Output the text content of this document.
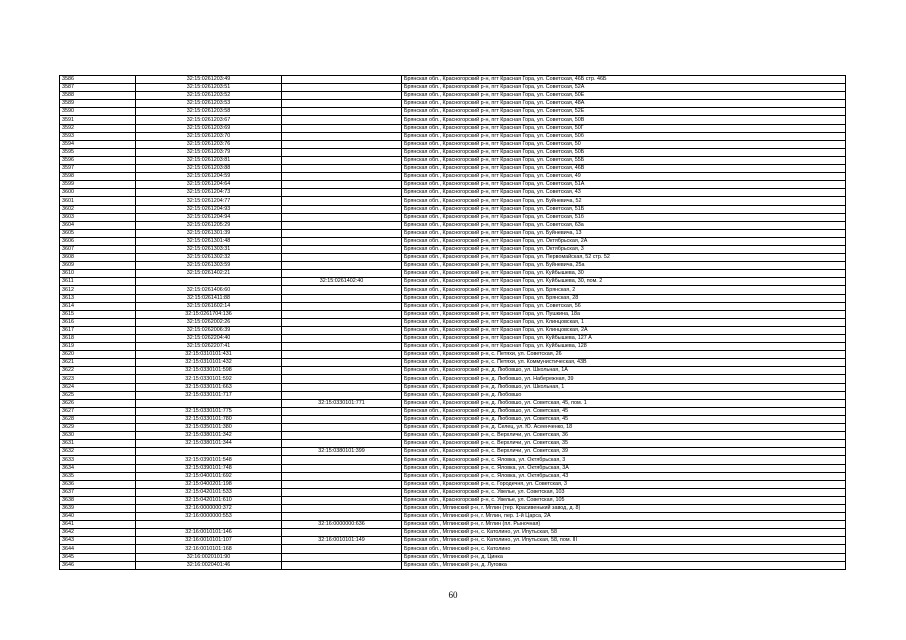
3586	32:15:0261203:49		Брянская обл., Красногорский р-н, пгт Красная Гора, ул. Советская, 46Б стр. 46Б
3587	32:15:0261203:51		Брянская обл., Красногорский р-н, пгт Красная Гора, ул. Советская, 52А
3588	32:15:0261203:52		Брянская обл., Красногорский р-н, пгт Красная Гора, ул. Советская, 50Е
3589	32:15:0261203:53		Брянская обл., Красногорский р-н, пгт Красная Гора, ул. Советская, 48А
3590	32:15:0261203:58		Брянская обл., Красногорский р-н, пгт Красная Гора, ул. Советская, 52Е
3591	32:15:0261203:67		Брянская обл., Красногорский р-н, пгт Красная Гора, ул. Советская, 50В
3592	32:15:0261203:69		Брянская обл., Красногорский р-н, пгт Красная Гора, ул. Советская, 50Г
3593	32:15:0261203:70		Брянская обл., Красногорский р-н, пгт Красная Гора, ул. Советская, 50б
3594	32:15:0261203:76		Брянская обл., Красногорский р-н, пгт Красная Гора, ул. Советская, 50
3595	32:15:0261203:79		Брянская обл., Красногорский р-н, пгт Красная Гора, ул. Советская, 50Б
3596	32:15:0261203:81		Брянская обл., Красногорский р-н, пгт Красная Гора, ул. Советская, 55Б
3597	32:15:0261203:88		Брянская обл., Красногорский р-н, пгт Красная Гора, ул. Советская, 46В
3598	32:15:0261204:59		Брянская обл., Красногорский р-н, пгт Красная Гора, ул. Советская, 49
3599	32:15:0261204:64		Брянская обл., Красногорский р-н, пгт Красная Гора, ул. Советская, 51А
3600	32:15:0261204:73		Брянская обл., Красногорский р-н, пгт Красная Гора, ул. Советская, 43
3601	32:15:0261204:77		Брянская обл., Красногорский р-н, пгт Красная Гора, ул. Буйневича, 52
3602	32:15:0261204:93		Брянская обл., Красногорский р-н, пгт Красная Гора, ул. Советская, 51Б
3603	32:15:0261204:94		Брянская обл., Красногорский р-н, пгт Красная Гора, ул. Советская, 51б
3604	32:15:0261205:29		Брянская обл., Красногорский р-н, пгт Красная Гора, ул. Советская, 63а
3605	32:15:0261301:39		Брянская обл., Красногорский р-н, пгт Красная Гора, ул. Буйневича, 13
3606	32:15:0261301:48		Брянская обл., Красногорский р-н, пгт Красная Гора, ул. Октябрьская, 2А
3607	32:15:0261303:31		Брянская обл., Красногорский р-н, пгт Красная Гора, ул. Октябрьская, 3
3608	32:15:0261302:32		Брянская обл., Красногорский р-н, пгт Красная Гора, ул. Первомайская, 52 стр. 52
3609	32:15:0261303:59		Брянская обл., Красногорский р-н, пгт Красная Гора, ул. Буйневича, 25а
3610	32:15:0261402:21		Брянская обл., Красногорский р-н, пгт Красная Гора, ул. Куйбышева, 30
3611		32:15:0261402:40	Брянская обл., Красногорский р-н, пгт Красная Гора, ул. Куйбышева, 30, пом. 2
3612	32:15:0261406:60		Брянская обл., Красногорский р-н, пгт Красная Гора, ул. Брянская, 2
3613	32:15:0261411:88		Брянская обл., Красногорский р-н, пгт Красная Гора, ул. Брянская, 28
3614	32:15:0261602:14		Брянская обл., Красногорский р-н, пгт Красная Гора, ул. Советская, 56
3615	32:15:0261704:136		Брянская обл., Красногорский р-н, пгт Красная Гора, ул. Пушкина, 18а
3616	32:15:0262002:26		Брянская обл., Красногорский р-н, пгт Красная Гора, ул. Клинцовская, 1
3617	32:15:0262006:39		Брянская обл., Красногорский р-н, пгт Красная Гора, ул. Клинцовская, 2А
3618	32:15:0262204:40		Брянская обл., Красногорский р-н, пгт Красная Гора, ул. Куйбышева, 127 А
3619	32:15:0262207:41		Брянская обл., Красногорский р-н, пгт Красная Гора, ул. Куйбышева, 128
3620	32:15:0310101:431		Брянская обл., Красногорский р-н, с. Петяхи, ул. Советская, 26
3621	32:15:0310101:432		Брянская обл., Красногорский р-н, с. Петяхи, ул. Коммунистическая, 43В
3622	32:15:0330101:598		Брянская обл., Красногорский р-н, д. Любовшо, ул. Школьная, 1А
3623	32:15:0330101:592		Брянская обл., Красногорский р-н, д. Любовшо, ул. Набережная, 39
3624	32:15:0330101:663		Брянская обл., Красногорский р-н, д. Любовшо, ул. Школьная, 1
3625	32:15:0330101:717		Брянская обл., Красногорский р-н, д. Любовшо
3626		32:15:0330101:771	Брянская обл., Красногорский р-н, д. Любовшо, ул. Советская, 45, пом. 1
3627	32:15:0330101:775		Брянская обл., Красногорский р-н, д. Любовшо, ул. Советская, 45
3628	32:15:0330101:780		Брянская обл., Красногорский р-н, д. Любовшо, ул. Советская, 45
3629	32:15:0350101:380		Брянская обл., Красногорский р-н, д. Селец, ул. Ю. Асеенченко, 18
3630	32:15:0380101:342		Брянская обл., Красногорский р-н, с. Верхличи, ул. Советская, 36
3631	32:15:0380101:344		Брянская обл., Красногорский р-н, с. Верхличи, ул. Советская, 35
3632		32:15:0380101:399	Брянская обл., Красногорский р-н, с. Верхличи, ул. Советская, 39
3633	32:15:0390101:548		Брянская обл., Красногорский р-н, с. Яловка, ул. Октябрьская, 3
3634	32:15:0390101:748		Брянская обл., Красногорский р-н, с. Яловка, ул. Октябрьская, 3А
3635	32:15:0400101:692		Брянская обл., Красногорский р-н, с. Яловка, ул. Октябрьская, 43
3636	32:15:0400201:198		Брянская обл., Красногорский р-н, с. Городечня, ул. Советская, 3
3637	32:15:0420101:533		Брянская обл., Красногорский р-н, с. Увелье, ул. Советская, 103
3638	32:15:0420101:610		Брянская обл., Красногорский р-н, с. Увелье, ул. Советская, 105
3639	32:16:0000000:372		Брянская обл., Мглинский р-н, г. Мглин (тер. Красивенький завод, д. 8)
3640	32:16:0000000:553		Брянская обл., Мглинский р-н, г. Мглин, пер. 1-й Царса, 2А
3641		32:16:0000000:636	Брянская обл., Мглинский р-н, г. Мглин (пл. Рыночная)
3642	32:16:0010101:146		Брянская обл., Мглинский р-н, с. Католино, ул. Ипутьская, 58
3643	32:16:0010101:107	32:16:0010101:149	Брянская обл., Мглинский р-н, с. Католино, ул. Ипутьская, 58, пом. III
3644	32:16:0010101:168		Брянская обл., Мглинский р-н, с. Католино
3645	32:16:0020101:90		Брянская обл., Мглинский р-н, д. Цинка
3646	32:16:0020401:46		Брянская обл., Мглинский р-н, д. Луговка
60
